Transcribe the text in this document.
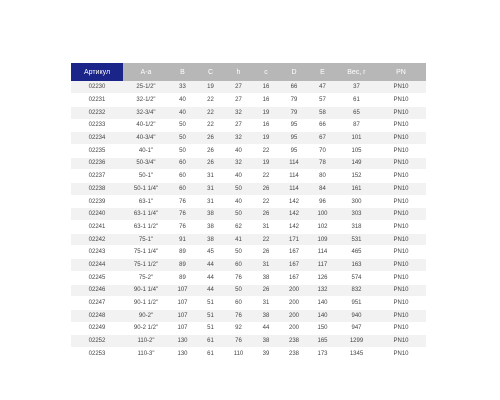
Артикул	A-a	B	C	h	c	D	E	Вес, г	PN
02230	25-1/2"	33	19	27	16	66	47	37	PN10
02231	32-1/2"	40	22	27	16	79	57	61	PN10
02232	32-3/4"	40	22	32	19	79	58	65	PN10
02233	40-1/2"	50	22	27	16	95	66	87	PN10
02234	40-3/4"	50	26	32	19	95	67	101	PN10
02235	40-1"	50	26	40	22	95	70	105	PN10
02236	50-3/4"	60	26	32	19	114	78	149	PN10
02237	50-1"	60	31	40	22	114	80	152	PN10
02238	50-1 1/4"	60	31	50	26	114	84	161	PN10
02239	63-1"	76	31	40	22	142	96	300	PN10
02240	63-1 1/4"	76	38	50	26	142	100	303	PN10
02241	63-1 1/2"	76	38	62	31	142	102	318	PN10
02242	75-1"	91	38	41	22	171	109	531	PN10
02243	75-1 1/4"	89	45	50	26	167	114	465	PN10
02244	75-1 1/2"	89	44	60	31	167	117	163	PN10
02245	75-2"	89	44	76	38	167	126	574	PN10
02246	90-1 1/4"	107	44	50	26	200	132	832	PN10
02247	90-1 1/2"	107	51	60	31	200	140	951	PN10
02248	90-2"	107	51	76	38	200	140	940	PN10
02249	90-2 1/2"	107	51	92	44	200	150	947	PN10
02252	110-2"	130	61	76	38	238	165	1299	PN10
02253	110-3"	130	61	110	39	238	173	1345	PN10
